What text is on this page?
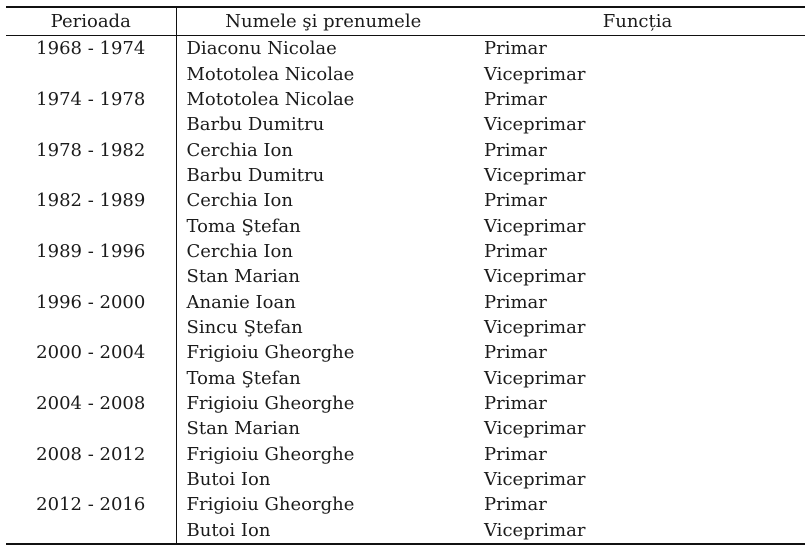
Perioada	Numele şi prenumele	Funcția
1968 - 1974	Diaconu Nicolae	Primar
	Mototolea Nicolae	Viceprimar
1974 - 1978	Mototolea Nicolae	Primar
	Barbu Dumitru	Viceprimar
1978 - 1982	Cerchia Ion	Primar
	Barbu Dumitru	Viceprimar
1982 - 1989	Cerchia Ion	Primar
	Toma Ştefan	Viceprimar
1989 - 1996	Cerchia Ion	Primar
	Stan Marian	Viceprimar
1996 - 2000	Ananie Ioan	Primar
	Sincu Ştefan	Viceprimar
2000 - 2004	Frigioiu Gheorghe	Primar
	Toma Ştefan	Viceprimar
2004 - 2008	Frigioiu Gheorghe	Primar
	Stan Marian	Viceprimar
2008 - 2012	Frigioiu Gheorghe	Primar
	Butoi Ion	Viceprimar
2012 - 2016	Frigioiu Gheorghe	Primar
	Butoi Ion	Viceprimar
